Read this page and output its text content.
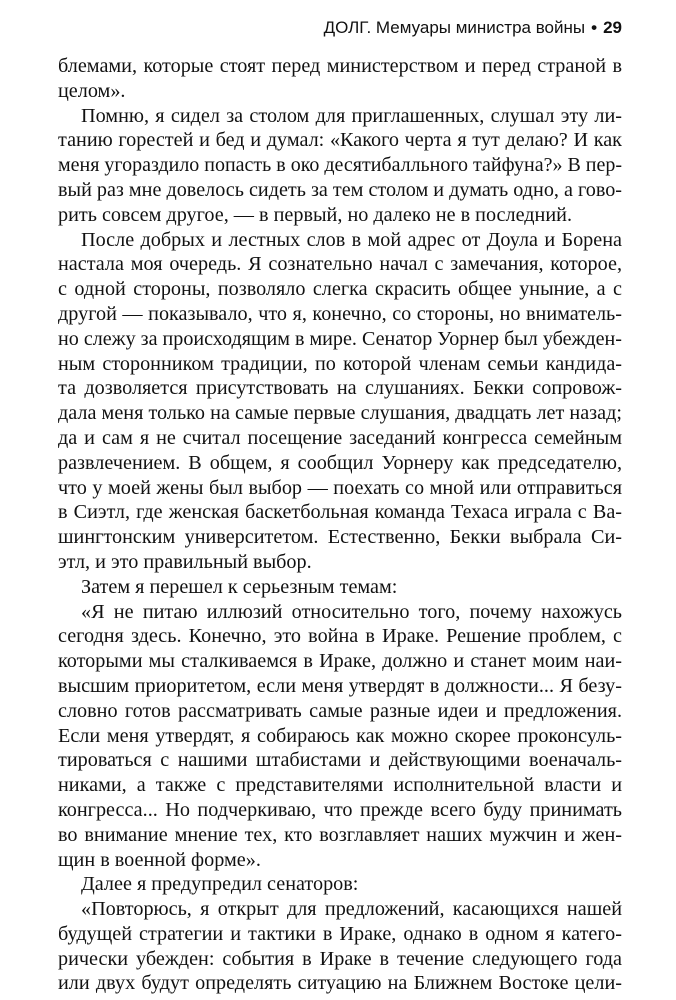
ДОЛГ. Мемуары министра войны • 29
блемами, которые стоят перед министерством и перед страной в
целом».
Помню, я сидел за столом для приглашенных, слушал эту ли-
танию горестей и бед и думал: «Какого черта я тут делаю? И как
меня угораздило попасть в око десятибалльного тайфуна?» В пер-
вый раз мне довелось сидеть за тем столом и думать одно, а гово-
рить совсем другое, — в первый, но далеко не в последний.
После добрых и лестных слов в мой адрес от Доула и Борена
настала моя очередь. Я сознательно начал с замечания, которое,
с одной стороны, позволяло слегка скрасить общее уныние, а с
другой — показывало, что я, конечно, со стороны, но вниматель-
но слежу за происходящим в мире. Сенатор Уорнер был убежден-
ным сторонником традиции, по которой членам семьи кандида-
та дозволяется присутствовать на слушаниях. Бекки сопровож-
дала меня только на самые первые слушания, двадцать лет назад;
да и сам я не считал посещение заседаний конгресса семейным
развлечением. В общем, я сообщил Уорнеру как председателю,
что у моей жены был выбор — поехать со мной или отправиться
в Сиэтл, где женская баскетбольная команда Техаса играла с Ва-
шингтонским университетом. Естественно, Бекки выбрала Си-
этл, и это правильный выбор.
Затем я перешел к серьезным темам:
«Я не питаю иллюзий относительно того, почему нахожусь
сегодня здесь. Конечно, это война в Ираке. Решение проблем, с
которыми мы сталкиваемся в Ираке, должно и станет моим наи-
высшим приоритетом, если меня утвердят в должности... Я безу-
словно готов рассматривать самые разные идеи и предложения.
Если меня утвердят, я собираюсь как можно скорее проконсуль-
тироваться с нашими штабистами и действующими военачаль-
никами, а также с представителями исполнительной власти и
конгресса... Но подчеркиваю, что прежде всего буду принимать
во внимание мнение тех, кто возглавляет наших мужчин и жен-
щин в военной форме».
Далее я предупредил сенаторов:
«Повторюсь, я открыт для предложений, касающихся нашей
будущей стратегии и тактики в Ираке, однако в одном я катего-
рически убежден: события в Ираке в течение следующего года
или двух будут определять ситуацию на Ближнем Востоке цели-
